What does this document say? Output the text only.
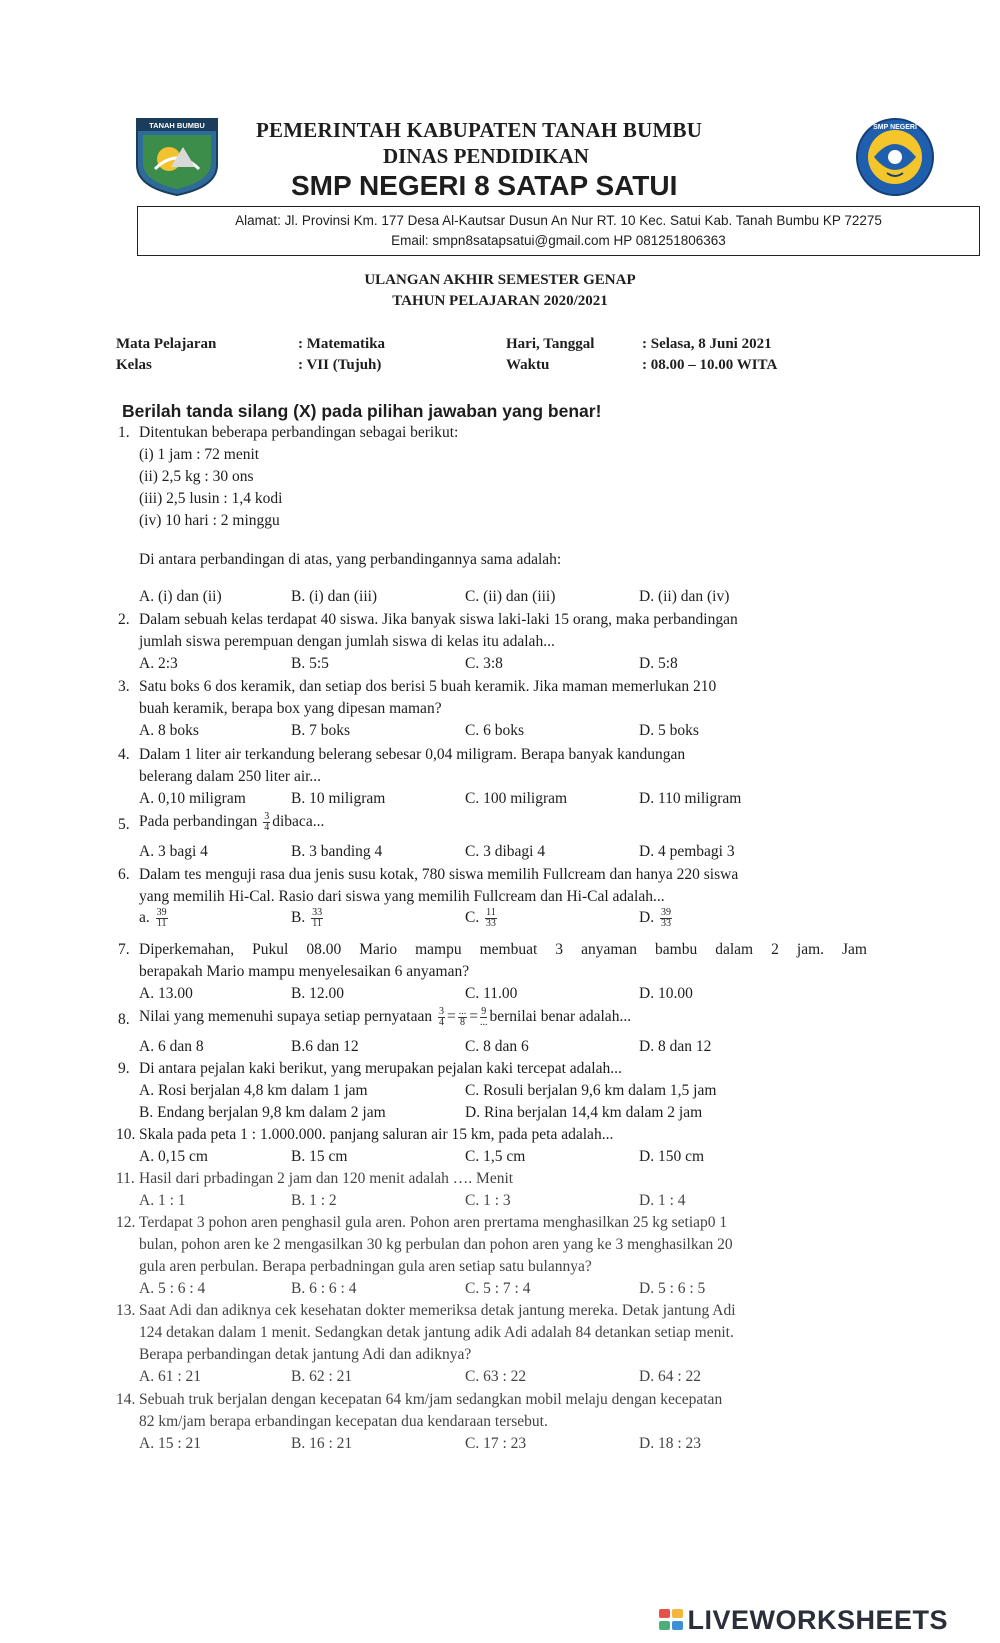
TANAH BUMBU PEMERINTAH KABUPATEN TANAH BUMBU
DINAS PENDIDIKAN
SMP NEGERI 8 SATAP SATUI
SMP NEGERI
Alamat: Jl. Provinsi Km. 177 Desa Al-Kautsar Dusun An Nur RT. 10 Kec. Satui Kab. Tanah Bumbu KP 72275
Email: smpn8satapsatui@gmail.com HP 081251806363
ULANGAN AKHIR SEMESTER GENAP
TAHUN PELAJARAN 2020/2021
Mata Pelajaran	: Matematika	Hari, Tanggal	: Selasa, 8 Juni 2021
Kelas	: VII (Tujuh)	Waktu	: 08.00 – 10.00 WITA
Berilah tanda silang (X) pada pilihan jawaban yang benar!
1. Ditentukan beberapa perbandingan sebagai berikut:
(i) 1 jam : 72 menit
(ii) 2,5 kg : 30 ons
(iii) 2,5 lusin : 1,4 kodi
(iv) 10 hari : 2 minggu
Di antara perbandingan di atas, yang perbandingannya sama adalah:
A. (i) dan (ii)	B. (i) dan (iii)	C. (ii) dan (iii)	D. (ii) dan (iv)
2. Dalam sebuah kelas terdapat 40 siswa. Jika banyak siswa laki-laki 15 orang, maka perbandingan
jumlah siswa perempuan dengan jumlah siswa di kelas itu adalah...
A. 2:3	B. 5:5	C. 3:8	D. 5:8
3. Satu boks 6 dos keramik, dan setiap dos berisi 5 buah keramik. Jika maman memerlukan 210
buah keramik, berapa box yang dipesan maman?
A. 8 boks	B. 7 boks	C. 6 boks	D. 5 boks
4. Dalam 1 liter air terkandung belerang sebesar 0,04 miligram. Berapa banyak kandungan
belerang dalam 250 liter air...
A. 0,10 miligram	B. 10 miligram	C. 100 miligram	D. 110 miligram
5. Pada perbandingan $\frac{3}{4}$ dibaca...
A. 3 bagi 4	B. 3 banding 4	C. 3 dibagi 4	D. 4 pembagi 3
6. Dalam tes menguji rasa dua jenis susu kotak, 780 siswa memilih Fullcream dan hanya 220 siswa
yang memilih Hi-Cal. Rasio dari siswa yang memilih Fullcream dan Hi-Cal adalah...
a. $\frac{39}{11}$	B. $\frac{33}{11}$	C. $\frac{11}{33}$	D. $\frac{39}{33}$
7. Diperkemahan, Pukul 08.00 Mario mampu membuat 3 anyaman bambu dalam 2 jam. Jam
berapakah Mario mampu menyelesaikan 6 anyaman?
A. 13.00	B. 12.00	C. 11.00	D. 10.00
8. Nilai yang memenuhi supaya setiap pernyataan $\frac{3}{4} = \frac{...}{8} = \frac{9}{...}$ bernilai benar adalah...
A. 6 dan 8	B.6 dan 12	C. 8 dan 6	D. 8 dan 12
9. Di antara pejalan kaki berikut, yang merupakan pejalan kaki tercepat adalah...
A. Rosi berjalan 4,8 km dalam 1 jam	C. Rosuli berjalan 9,6 km dalam 1,5 jam
B. Endang berjalan 9,8 km dalam 2 jam	D. Rina berjalan 14,4 km dalam 2 jam
10. Skala pada peta 1 : 1.000.000. panjang saluran air 15 km, pada peta adalah...
A. 0,15 cm	B. 15 cm	C. 1,5 cm	D. 150 cm
11. Hasil dari prbadingan 2 jam dan 120 menit adalah …. Menit
A. 1 : 1	B. 1 : 2	C. 1 : 3	D. 1 : 4
12. Terdapat 3 pohon aren penghasil gula aren. Pohon aren prertama menghasilkan 25 kg setiap0 1
bulan, pohon aren ke 2 mengasilkan 30 kg perbulan dan pohon aren yang ke 3 menghasilkan 20
gula aren perbulan. Berapa perbadningan gula aren setiap satu bulannya?
A. 5 : 6 : 4	B. 6 : 6 : 4	C. 5 : 7 : 4	D. 5 : 6 : 5
13. Saat Adi dan adiknya cek kesehatan dokter memeriksa detak jantung mereka. Detak jantung Adi
124 detakan dalam 1 menit. Sedangkan detak jantung adik Adi adalah 84 detankan setiap menit.
Berapa perbandingan detak jantung Adi dan adiknya?
A. 61 : 21	B. 62 : 21	C. 63 : 22	D. 64 : 22
14. Sebuah truk berjalan dengan kecepatan 64 km/jam sedangkan mobil melaju dengan kecepatan
82 km/jam berapa erbandingan kecepatan dua kendaraan tersebut.
A. 15 : 21	B. 16 : 21	C. 17 : 23	D. 18 : 23
LIVEWORKSHEETS
